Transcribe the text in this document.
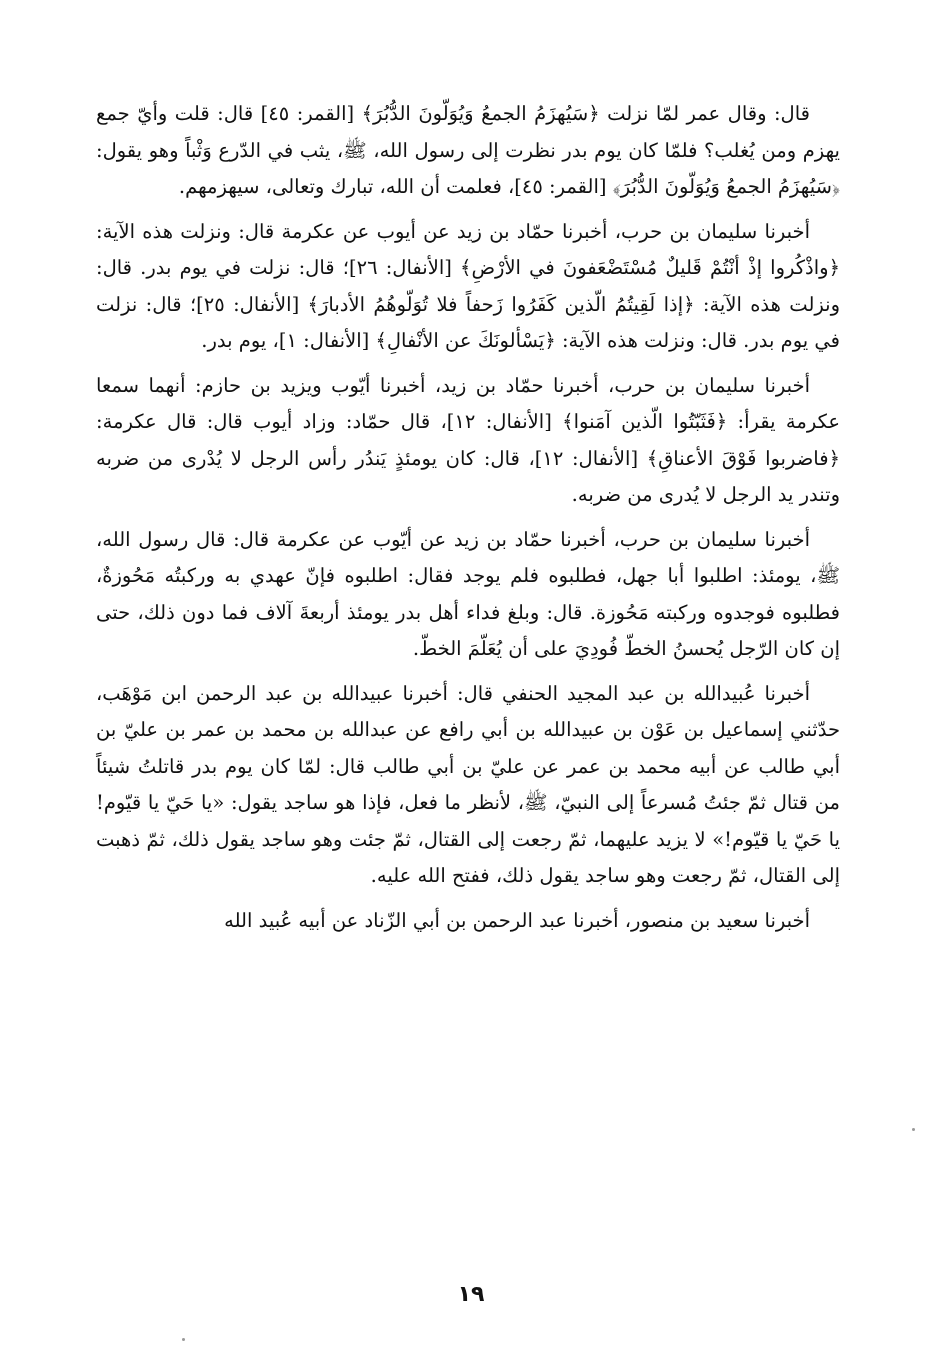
قال: وقال عمر لمّا نزلت ﴿سَيُهزَمُ الجمعُ وَيُوَلّونَ الدُّبُرَ﴾ [القمر: ٤٥] قال: قلت وأيّ جمع يهزم ومن يُغلب؟ فلمّا كان يوم بدر نظرت إلى رسول الله، ﷺ، يثب في الدّرع وَثْباً وهو يقول: ﴿سَيُهزَمُ الجمعُ وَيُوَلّونَ الدُّبُرَ﴾ [القمر: ٤٥]، فعلمت أن الله، تبارك وتعالى، سيهزمهم.

أخبرنا سليمان بن حرب، أخبرنا حمّاد بن زيد عن أيوب عن عكرمة قال: ونزلت هذه الآية: ﴿واذْكُروا إذْ أنْتُمْ قَليلٌ مُسْتَضْعَفونَ في الأرْضِ﴾ [الأنفال: ٢٦]؛ قال: نزلت في يوم بدر. قال: ونزلت هذه الآية: ﴿إذا لَقِيتُمُ الّذين كَفَرُوا زَحفاً فلا تُوَلّوهُمُ الأدبارَ﴾ [الأنفال: ٢٥]؛ قال: نزلت في يوم بدر. قال: ونزلت هذه الآية: ﴿يَسْألونَكَ عن الأنْفالِ﴾ [الأنفال: ١]، يوم بدر.

أخبرنا سليمان بن حرب، أخبرنا حمّاد بن زيد، أخبرنا أيّوب ويزيد بن حازم: أنهما سمعا عكرمة يقرأ: ﴿فَثَبّتُوا الّذين آمَنوا﴾ [الأنفال: ١٢]، قال حمّاد: وزاد أيوب قال: قال عكرمة: ﴿فاضربوا فَوْقَ الأعناقِ﴾ [الأنفال: ١٢]، قال: كان يومئذٍ يَندُر رأس الرجل لا يُدْرى من ضربه وتندر يد الرجل لا يُدرى من ضربه.

أخبرنا سليمان بن حرب، أخبرنا حمّاد بن زيد عن أيّوب عن عكرمة قال: قال رسول الله، ﷺ، يومئذ: اطلبوا أبا جهل، فطلبوه فلم يوجد فقال: اطلبوه فإنّ عهدي به وركبتُه مَحُوزةٌ، فطلبوه فوجدوه وركبته مَحُوزة. قال: وبلغ فداء أهل بدر يومئذ أربعةَ آلاف فما دون ذلك، حتى إن كان الرّجل يُحسنُ الخطّ فُودِيَ على أن يُعَلّمَ الخطّ.

أخبرنا عُبيدالله بن عبد المجيد الحنفي قال: أخبرنا عبيدالله بن عبد الرحمن ابن مَوْهَب، حدّثني إسماعيل بن عَوْن بن عبيدالله بن أبي رافع عن عبدالله بن محمد بن عمر بن عليّ بن أبي طالب عن أبيه محمد بن عمر عن عليّ بن أبي طالب قال: لمّا كان يوم بدر قاتلتُ شيئاً من قتال ثمّ جئتُ مُسرعاً إلى النبيّ، ﷺ، لأنظر ما فعل، فإذا هو ساجد يقول: «يا حَيّ يا قيّوم! يا حَيّ يا قيّوم!» لا يزيد عليهما، ثمّ رجعت إلى القتال، ثمّ جئت وهو ساجد يقول ذلك، ثمّ ذهبت إلى القتال، ثمّ رجعت وهو ساجد يقول ذلك، ففتح الله عليه.

أخبرنا سعيد بن منصور، أخبرنا عبد الرحمن بن أبي الزّناد عن أبيه عُبيد الله

١٩
